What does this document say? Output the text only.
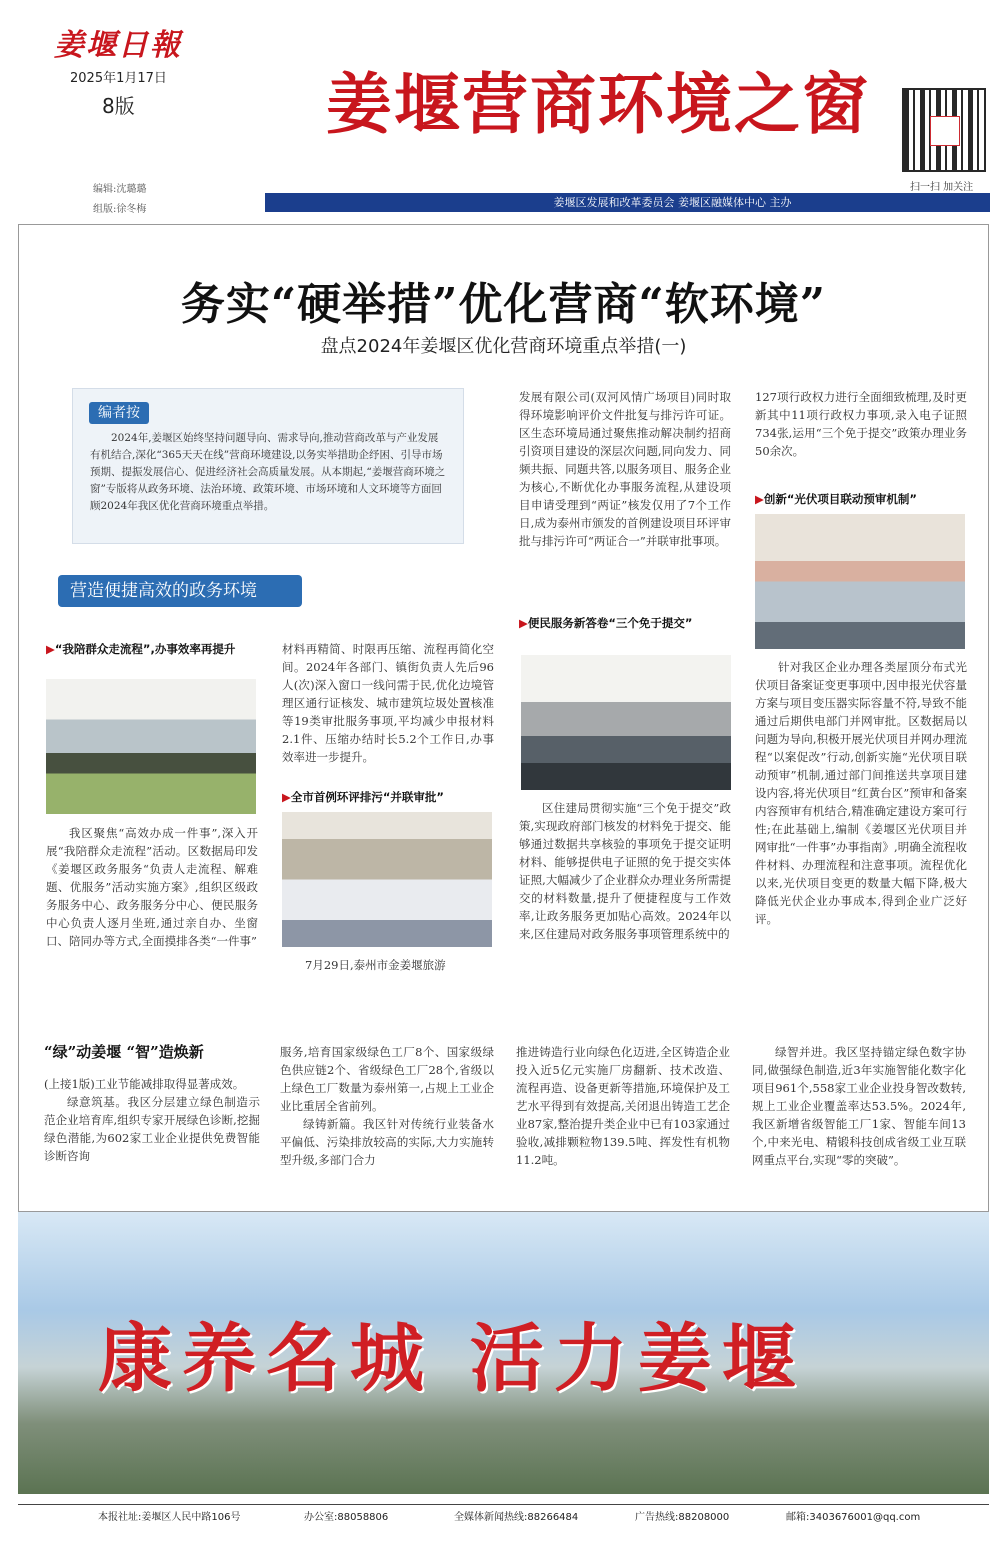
姜堰日報
2025年1月17日
8版	姜堰营商环境之窗
扫一扫 加关注
编辑:沈璐璐
组版:徐冬梅
姜堰区发展和改革委员会 姜堰区融媒体中心 主办
务实“硬举措”优化营商“软环境”
盘点2024年姜堰区优化营商环境重点举措(一)
编者按
2024年,姜堰区始终坚持问题导向、需求导向,推动营商改革与产业发展有机结合,深化“365天天在线”营商环境建设,以务实举措助企纾困、引导市场预期、提振发展信心、促进经济社会高质量发展。从本期起,“姜堰营商环境之窗”专版将从政务环境、法治环境、政策环境、市场环境和人文环境等方面回顾2024年我区优化营商环境重点举措。
营造便捷高效的政务环境
▶“我陪群众走流程”,办事效率再提升
我区聚焦“高效办成一件事”,深入开展“我陪群众走流程”活动。区数据局印发《姜堰区政务服务“负责人走流程、解难题、优服务”活动实施方案》,组织区级政务服务中心、政务服务分中心、便民服务中心负责人逐月坐班,通过亲自办、坐窗口、陪同办等方式,全面摸排各类“一件事”
材料再精简、时限再压缩、流程再简化空间。2024年各部门、镇街负责人先后96人(次)深入窗口一线问需于民,优化边境管理区通行证核发、城市建筑垃圾处置核准等19类审批服务事项,平均减少申报材料2.1件、压缩办结时长5.2个工作日,办事效率进一步提升。
▶全市首例环评排污“并联审批”
7月29日,泰州市金姜堰旅游
发展有限公司(双河风情广场项目)同时取得环境影响评价文件批复与排污许可证。区生态环境局通过聚焦推动解决制约招商引资项目建设的深层次问题,同向发力、同频共振、同题共答,以服务项目、服务企业为核心,不断优化办事服务流程,从建设项目申请受理到“两证”核发仅用了7个工作日,成为泰州市颁发的首例建设项目环评审批与排污许可“两证合一”并联审批事项。
▶便民服务新答卷“三个免于提交”
区住建局贯彻实施“三个免于提交”政策,实现政府部门核发的材料免于提交、能够通过数据共享核验的事项免于提交证明材料、能够提供电子证照的免于提交实体证照,大幅减少了企业群众办理业务所需提交的材料数量,提升了便捷程度与工作效率,让政务服务更加贴心高效。2024年以来,区住建局对政务服务事项管理系统中的
127项行政权力进行全面细致梳理,及时更新其中11项行政权力事项,录入电子证照734张,运用“三个免于提交”政策办理业务50余次。
▶创新“光伏项目联动预审机制”
针对我区企业办理各类屋顶分布式光伏项目备案证变更事项中,因申报光伏容量方案与项目变压器实际容量不符,导致不能通过后期供电部门并网审批。区数据局以问题为导向,积极开展光伏项目并网办理流程“以案促改”行动,创新实施“光伏项目联动预审”机制,通过部门间推送共享项目建设内容,将光伏项目“红黄台区”预审和备案内容预审有机结合,精准确定建设方案可行性;在此基础上,编制《姜堰区光伏项目并网审批“一件事”办事指南》,明确全流程收件材料、办理流程和注意事项。流程优化以来,光伏项目变更的数量大幅下降,极大降低光伏企业办事成本,得到企业广泛好评。
“绿”动姜堰 “智”造焕新
(上接1版)工业节能减排取得显著成效。
绿意筑基。我区分层建立绿色制造示范企业培育库,组织专家开展绿色诊断,挖掘绿色潜能,为602家工业企业提供免费智能诊断咨询
服务,培育国家级绿色工厂8个、国家级绿色供应链2个、省级绿色工厂28个,省级以上绿色工厂数量为泰州第一,占规上工业企业比重居全省前列。
绿铸新篇。我区针对传统行业装备水平偏低、污染排放较高的实际,大力实施转型升级,多部门合力
推进铸造行业向绿色化迈进,全区铸造企业投入近5亿元实施厂房翻新、技术改造、流程再造、设备更新等措施,环境保护及工艺水平得到有效提高,关闭退出铸造工艺企业87家,整治提升类企业中已有103家通过验收,减排颗粒物139.5吨、挥发性有机物11.2吨。
绿智并进。我区坚持锚定绿色数字协同,做强绿色制造,近3年实施智能化数字化项目961个,558家工业企业投身智改数转,规上工业企业覆盖率达53.5%。2024年,我区新增省级智能工厂1家、智能车间13个,中来光电、精锻科技创成省级工业互联网重点平台,实现“零的突破”。
康养名城 活力姜堰
本报社址:姜堰区人民中路106号	办公室:88058806	全媒体新闻热线:88266484	广告热线:88208000	邮箱:3403676001@qq.com
